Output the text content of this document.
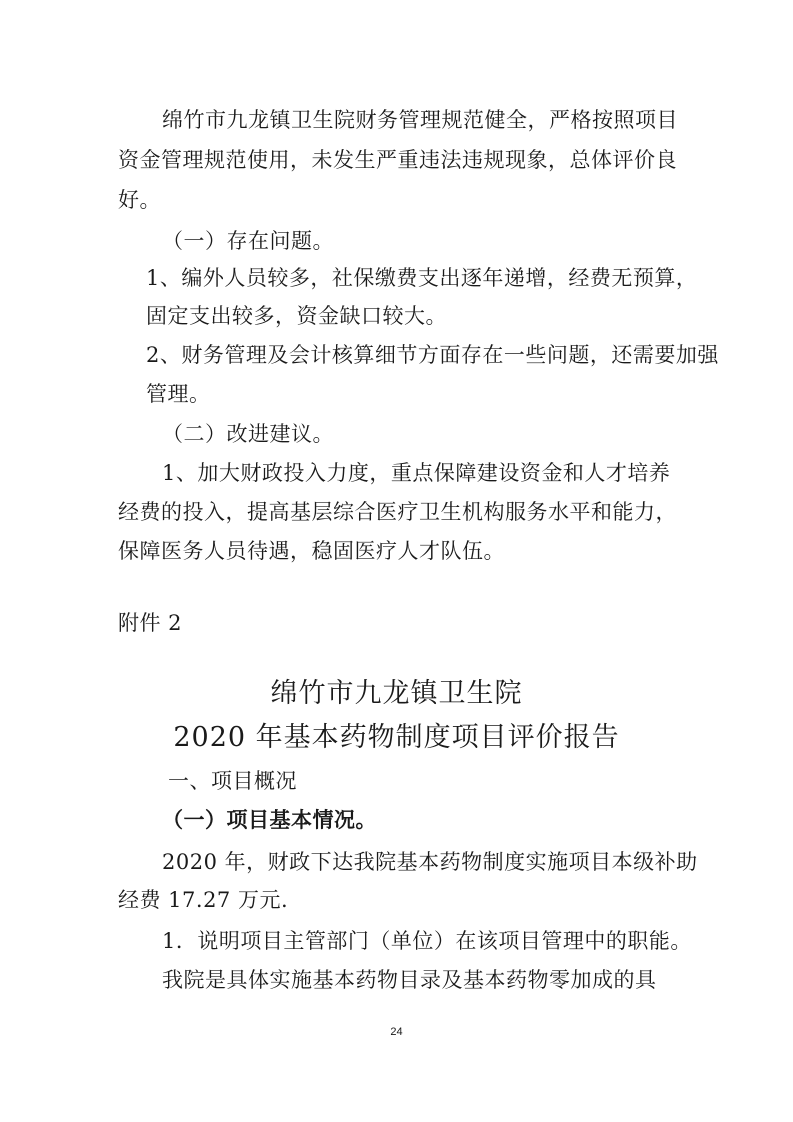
绵竹市九龙镇卫生院财务管理规范健全，严格按照项目
资金管理规范使用，未发生严重违法违规现象，总体评价良
好。
（一）存在问题。
1、编外人员较多，社保缴费支出逐年递增，经费无预算，
固定支出较多，资金缺口较大。
2、财务管理及会计核算细节方面存在一些问题，还需要加强
管理。
（二）改进建议。
1、加大财政投入力度，重点保障建设资金和人才培养
经费的投入，提高基层综合医疗卫生机构服务水平和能力，
保障医务人员待遇，稳固医疗人才队伍。
附件 2
绵竹市九龙镇卫生院
2020 年基本药物制度项目评价报告
一、项目概况
（一）项目基本情况。
2020 年，财政下达我院基本药物制度实施项目本级补助
经费 17.27 万元.
1．说明项目主管部门（单位）在该项目管理中的职能。
我院是具体实施基本药物目录及基本药物零加成的具
24
